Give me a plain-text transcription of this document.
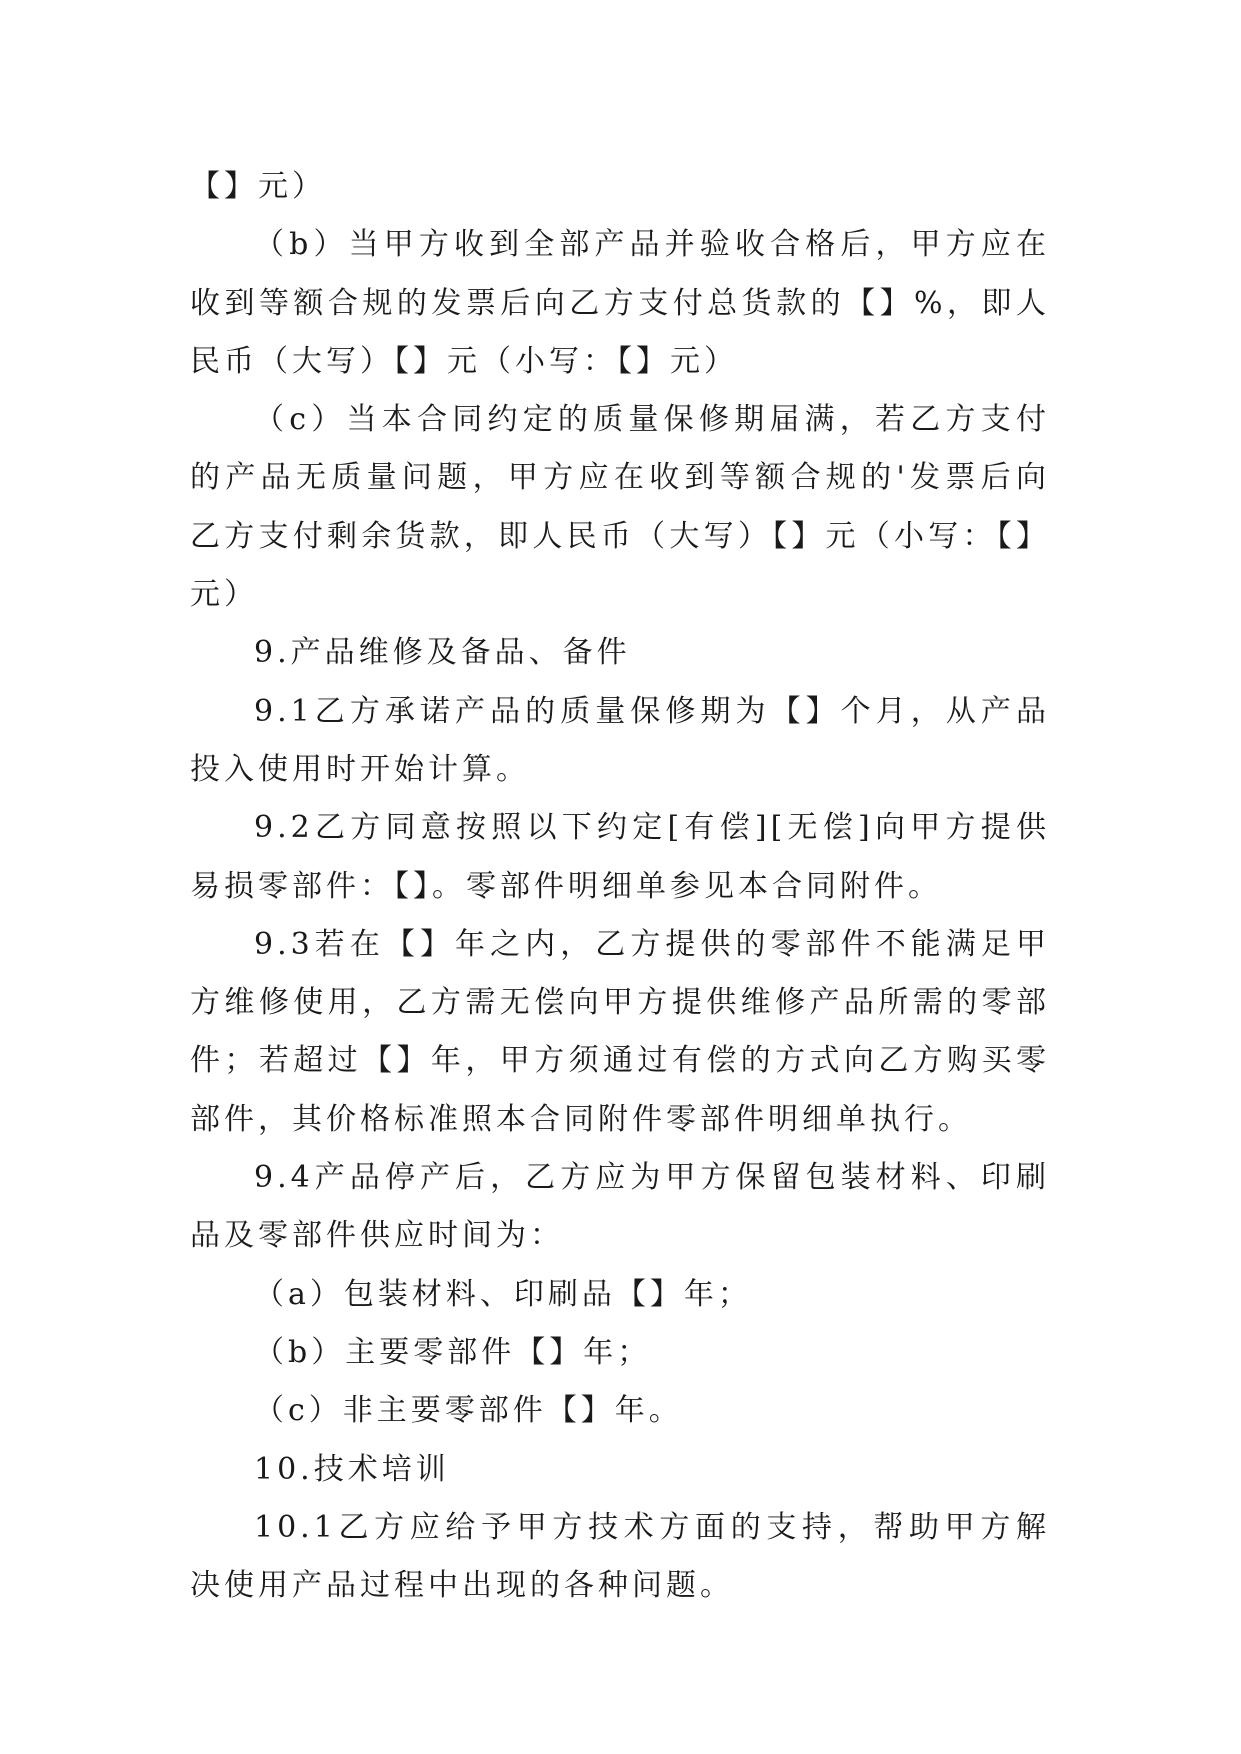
【】元）

（b）当甲方收到全部产品并验收合格后，甲方应在收到等额合规的发票后向乙方支付总货款的【】%，即人民币（大写）【】元（小写：【】元）

（c）当本合同约定的质量保修期届满，若乙方支付的产品无质量问题，甲方应在收到等额合规的'发票后向乙方支付剩余货款，即人民币（大写）【】元（小写：【】元）

9.产品维修及备品、备件

9.1乙方承诺产品的质量保修期为【】个月，从产品投入使用时开始计算。

9.2乙方同意按照以下约定[有偿][无偿]向甲方提供易损零部件：【】。零部件明细单参见本合同附件。

9.3若在【】年之内，乙方提供的零部件不能满足甲方维修使用，乙方需无偿向甲方提供维修产品所需的零部件；若超过【】年，甲方须通过有偿的方式向乙方购买零部件，其价格标准照本合同附件零部件明细单执行。

9.4产品停产后，乙方应为甲方保留包装材料、印刷品及零部件供应时间为：

（a）包装材料、印刷品【】年；

（b）主要零部件【】年；

（c）非主要零部件【】年。

10.技术培训

10.1乙方应给予甲方技术方面的支持，帮助甲方解决使用产品过程中出现的各种问题。
